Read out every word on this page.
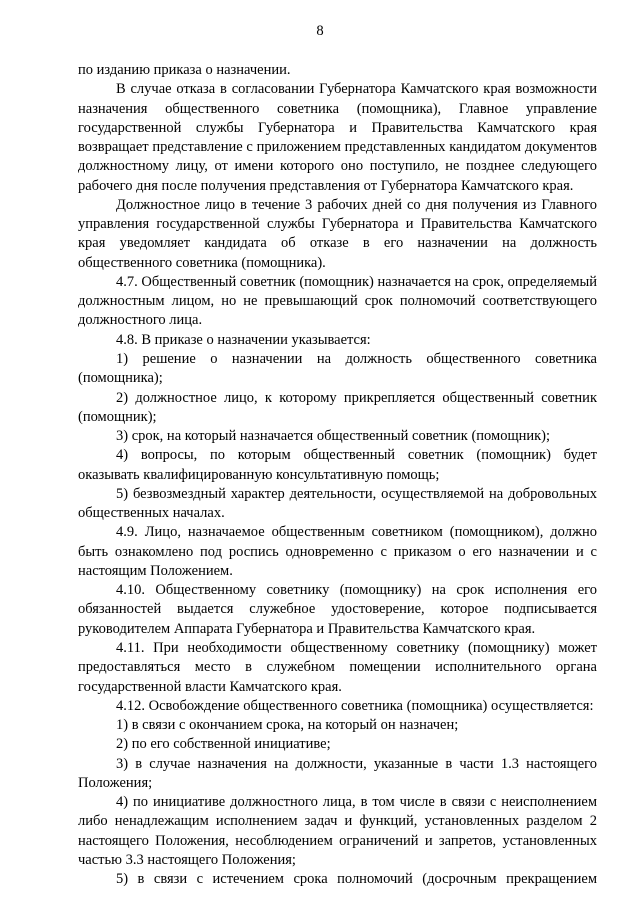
8

по изданию приказа о назначении.

В случае отказа в согласовании Губернатора Камчатского края возможности назначения общественного советника (помощника), Главное управление государственной службы Губернатора и Правительства Камчатского края возвращает представление с приложением представленных кандидатом документов должностному лицу, от имени которого оно поступило, не позднее следующего рабочего дня после получения представления от Губернатора Камчатского края.

Должностное лицо в течение 3 рабочих дней со дня получения из Главного управления государственной службы Губернатора и Правительства Камчатского края уведомляет кандидата об отказе в его назначении на должность общественного советника (помощника).

4.7. Общественный советник (помощник) назначается на срок, определяемый должностным лицом, но не превышающий срок полномочий соответствующего должностного лица.

4.8. В приказе о назначении указывается:

1) решение о назначении на должность общественного советника (помощника);

2) должностное лицо, к которому прикрепляется общественный советник (помощник);

3) срок, на который назначается общественный советник (помощник);

4) вопросы, по которым общественный советник (помощник) будет оказывать квалифицированную консультативную помощь;

5) безвозмездный характер деятельности, осуществляемой на добровольных общественных началах.

4.9. Лицо, назначаемое общественным советником (помощником), должно быть ознакомлено под роспись одновременно с приказом о его назначении и с настоящим Положением.

4.10. Общественному советнику (помощнику) на срок исполнения его обязанностей выдается служебное удостоверение, которое подписывается руководителем Аппарата Губернатора и Правительства Камчатского края.

4.11. При необходимости общественному советнику (помощнику) может предоставляться место в служебном помещении исполнительного органа государственной власти Камчатского края.

4.12. Освобождение общественного советника (помощника) осуществляется:

1) в связи с окончанием срока, на который он назначен;

2) по его собственной инициативе;

3) в случае назначения на должности, указанные в части 1.3 настоящего Положения;

4) по инициативе должностного лица, в том числе в связи с неисполнением либо ненадлежащим исполнением задач и функций, установленных разделом 2 настоящего Положения, несоблюдением ограничений и запретов, установленных частью 3.3 настоящего Положения;

5) в связи с истечением срока полномочий (досрочным прекращением
